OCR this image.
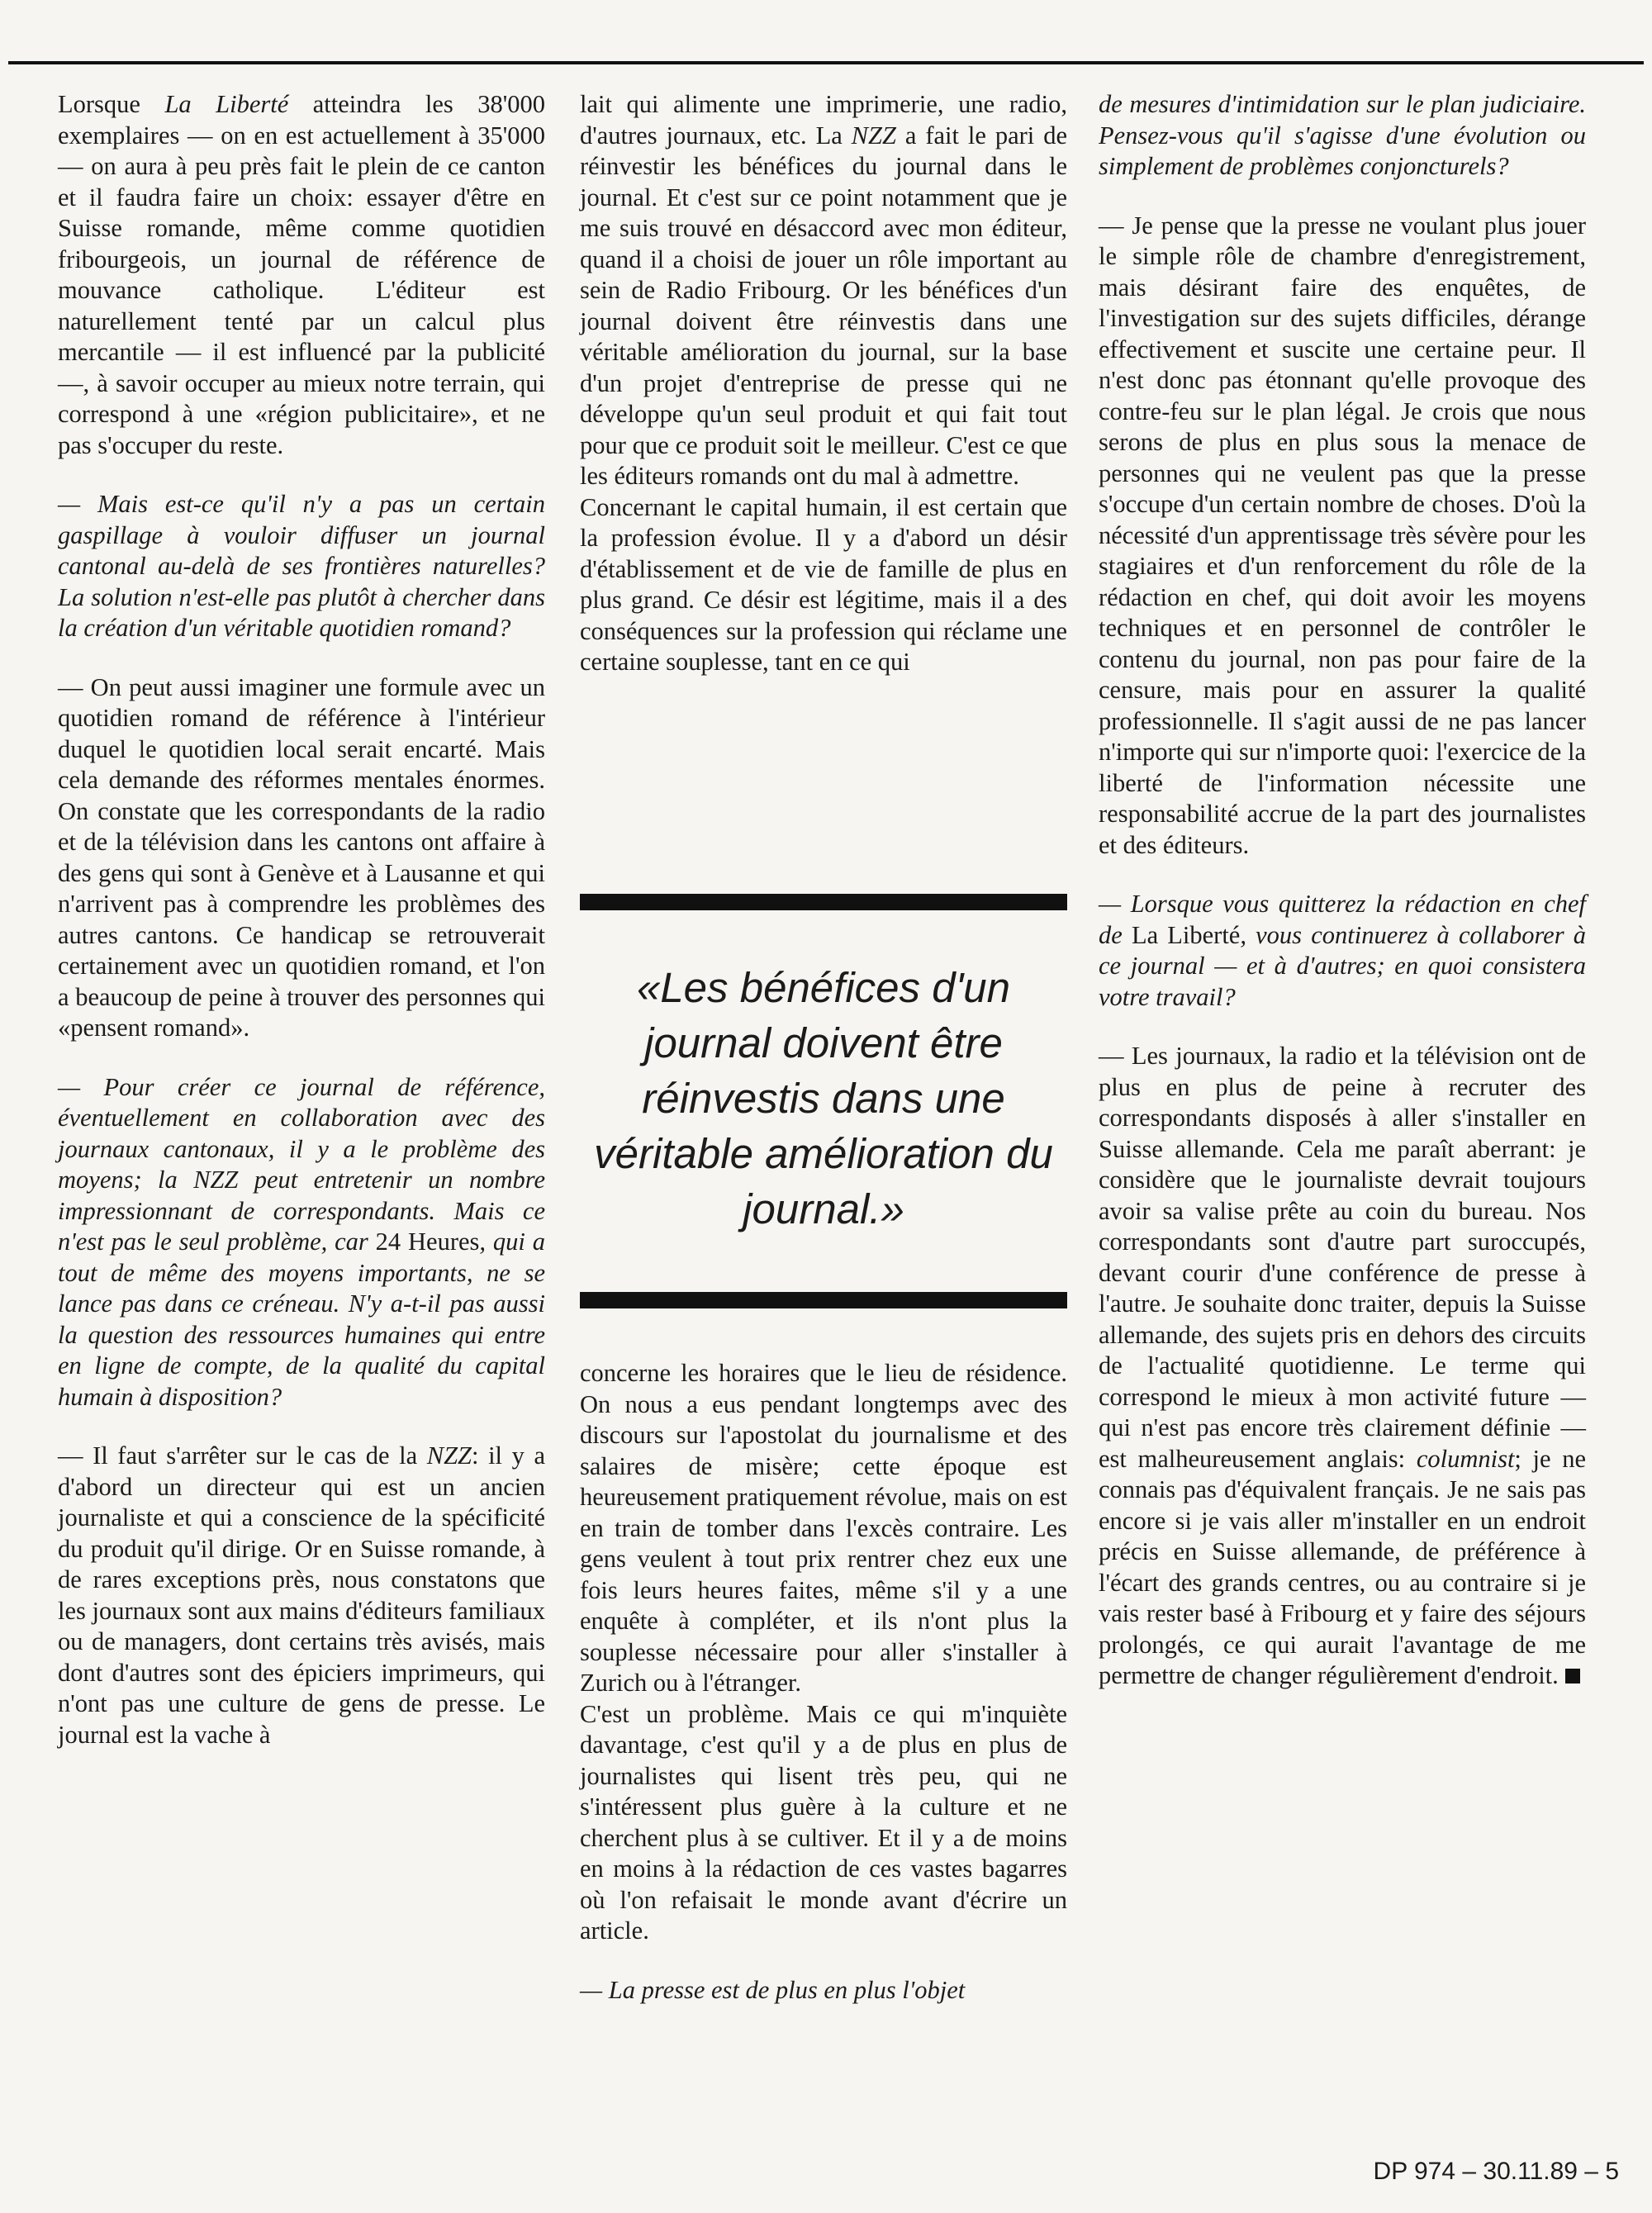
Lorsque La Liberté atteindra les 38'000 exemplaires — on en est actuellement à 35'000 — on aura à peu près fait le plein de ce canton et il faudra faire un choix: essayer d'être en Suisse romande, même comme quotidien fribourgeois, un journal de référence de mouvance catholique. L'éditeur est naturellement tenté par un calcul plus mercantile — il est influencé par la publicité —, à savoir occuper au mieux notre terrain, qui correspond à une «région publicitaire», et ne pas s'occuper du reste.

— Mais est-ce qu'il n'y a pas un certain gaspillage à vouloir diffuser un journal cantonal au-delà de ses frontières naturelles? La solution n'est-elle pas plutôt à chercher dans la création d'un véritable quotidien romand?

— On peut aussi imaginer une formule avec un quotidien romand de référence à l'intérieur duquel le quotidien local serait encarté. Mais cela demande des réformes mentales énormes. On constate que les correspondants de la radio et de la télévision dans les cantons ont affaire à des gens qui sont à Genève et à Lausanne et qui n'arrivent pas à comprendre les problèmes des autres cantons. Ce handicap se retrouverait certainement avec un quotidien romand, et l'on a beaucoup de peine à trouver des personnes qui «pensent romand».

— Pour créer ce journal de référence, éventuellement en collaboration avec des journaux cantonaux, il y a le problème des moyens; la NZZ peut entretenir un nombre impressionnant de correspondants. Mais ce n'est pas le seul problème, car 24 Heures, qui a tout de même des moyens importants, ne se lance pas dans ce créneau. N'y a-t-il pas aussi la question des ressources humaines qui entre en ligne de compte, de la qualité du capital humain à disposition?

— Il faut s'arrêter sur le cas de la NZZ: il y a d'abord un directeur qui est un ancien journaliste et qui a conscience de la spécificité du produit qu'il dirige. Or en Suisse romande, à de rares exceptions près, nous constatons que les journaux sont aux mains d'éditeurs familiaux ou de managers, dont certains très avisés, mais dont d'autres sont des épiciers imprimeurs, qui n'ont pas une culture de gens de presse. Le journal est la vache à

lait qui alimente une imprimerie, une radio, d'autres journaux, etc. La NZZ a fait le pari de réinvestir les bénéfices du journal dans le journal. Et c'est sur ce point notamment que je me suis trouvé en désaccord avec mon éditeur, quand il a choisi de jouer un rôle important au sein de Radio Fribourg. Or les bénéfices d'un journal doivent être réinvestis dans une véritable amélioration du journal, sur la base d'un projet d'entreprise de presse qui ne développe qu'un seul produit et qui fait tout pour que ce produit soit le meilleur. C'est ce que les éditeurs romands ont du mal à admettre.

Concernant le capital humain, il est certain que la profession évolue. Il y a d'abord un désir d'établissement et de vie de famille de plus en plus grand. Ce désir est légitime, mais il a des conséquences sur la profession qui réclame une certaine souplesse, tant en ce qui

«Les bénéfices d'un journal doivent être réinvestis dans une véritable amélioration du journal.»

concerne les horaires que le lieu de résidence. On nous a eus pendant longtemps avec des discours sur l'apostolat du journalisme et des salaires de misère; cette époque est heureusement pratiquement révolue, mais on est en train de tomber dans l'excès contraire. Les gens veulent à tout prix rentrer chez eux une fois leurs heures faites, même s'il y a une enquête à compléter, et ils n'ont plus la souplesse nécessaire pour aller s'installer à Zurich ou à l'étranger.

C'est un problème. Mais ce qui m'inquiète davantage, c'est qu'il y a de plus en plus de journalistes qui lisent très peu, qui ne s'intéressent plus guère à la culture et ne cherchent plus à se cultiver. Et il y a de moins en moins à la rédaction de ces vastes bagarres où l'on refaisait le monde avant d'écrire un article.

— La presse est de plus en plus l'objet

de mesures d'intimidation sur le plan judiciaire. Pensez-vous qu'il s'agisse d'une évolution ou simplement de problèmes conjoncturels?

— Je pense que la presse ne voulant plus jouer le simple rôle de chambre d'enregistrement, mais désirant faire des enquêtes, de l'investigation sur des sujets difficiles, dérange effectivement et suscite une certaine peur. Il n'est donc pas étonnant qu'elle provoque des contre-feu sur le plan légal. Je crois que nous serons de plus en plus sous la menace de personnes qui ne veulent pas que la presse s'occupe d'un certain nombre de choses. D'où la nécessité d'un apprentissage très sévère pour les stagiaires et d'un renforcement du rôle de la rédaction en chef, qui doit avoir les moyens techniques et en personnel de contrôler le contenu du journal, non pas pour faire de la censure, mais pour en assurer la qualité professionnelle. Il s'agit aussi de ne pas lancer n'importe qui sur n'importe quoi: l'exercice de la liberté de l'information nécessite une responsabilité accrue de la part des journalistes et des éditeurs.

— Lorsque vous quitterez la rédaction en chef de La Liberté, vous continuerez à collaborer à ce journal — et à d'autres; en quoi consistera votre travail?

— Les journaux, la radio et la télévision ont de plus en plus de peine à recruter des correspondants disposés à aller s'installer en Suisse allemande. Cela me paraît aberrant: je considère que le journaliste devrait toujours avoir sa valise prête au coin du bureau. Nos correspondants sont d'autre part suroccupés, devant courir d'une conférence de presse à l'autre. Je souhaite donc traiter, depuis la Suisse allemande, des sujets pris en dehors des circuits de l'actualité quotidienne. Le terme qui correspond le mieux à mon activité future — qui n'est pas encore très clairement définie — est malheureusement anglais: columnist; je ne connais pas d'équivalent français. Je ne sais pas encore si je vais aller m'installer en un endroit précis en Suisse allemande, de préférence à l'écart des grands centres, ou au contraire si je vais rester basé à Fribourg et y faire des séjours prolongés, ce qui aurait l'avantage de me permettre de changer régulièrement d'endroit.

DP 974 – 30.11.89 – 5
